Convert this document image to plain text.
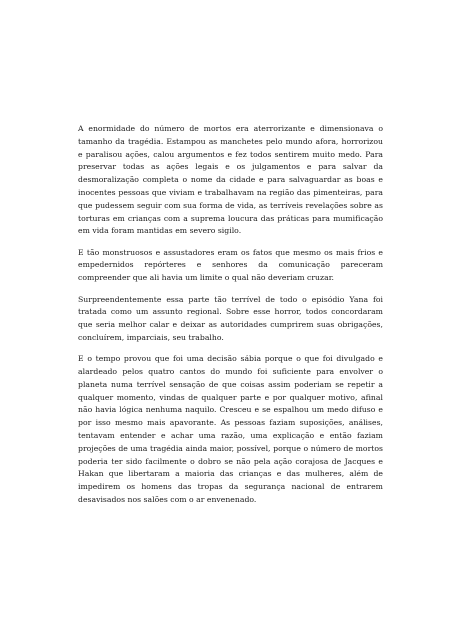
A enormidade do número de mortos era aterrorizante e dimensionava o tamanho da tragédia. Estampou as manchetes pelo mundo afora, horrorizou e paralisou ações, calou argumentos e fez todos sentirem muito medo. Para preservar todas as ações legais e os julgamentos e para salvar da desmoralização completa o nome da cidade e para salvaguardar as boas e inocentes pessoas que viviam e trabalhavam na região das pimenteiras, para que pudessem seguir com sua forma de vida, as terríveis revelações sobre as torturas em crianças com a suprema loucura das práticas para mumificação em vida foram mantidas em severo sigilo.

E tão monstruosos e assustadores eram os fatos que mesmo os mais frios e empedernidos repórteres e senhores da comunicação pareceram compreender que ali havia um limite o qual não deveriam cruzar.

Surpreendentemente essa parte tão terrível de todo o episódio Yana foi tratada como um assunto regional. Sobre esse horror, todos concordaram que seria melhor calar e deixar as autoridades cumprirem suas obrigações, concluírem, imparciais, seu trabalho.

E o tempo provou que foi uma decisão sábia porque o que foi divulgado e alardeado pelos quatro cantos do mundo foi suficiente para envolver o planeta numa terrível sensação de que coisas assim poderiam se repetir a qualquer momento, vindas de qualquer parte e por qualquer motivo, afinal não havia lógica nenhuma naquilo. Cresceu e se espalhou um medo difuso e por isso mesmo mais apavorante. As pessoas faziam suposições, análises, tentavam entender e achar uma razão, uma explicação e então faziam projeções de uma tragédia ainda maior, possível, porque o número de mortos poderia ter sido facilmente o dobro se não pela ação corajosa de Jacques e Hakan que libertaram a maioria das crianças e das mulheres, além de impedirem os homens das tropas da segurança nacional de entrarem desavisados nos salões com o ar envenenado.
